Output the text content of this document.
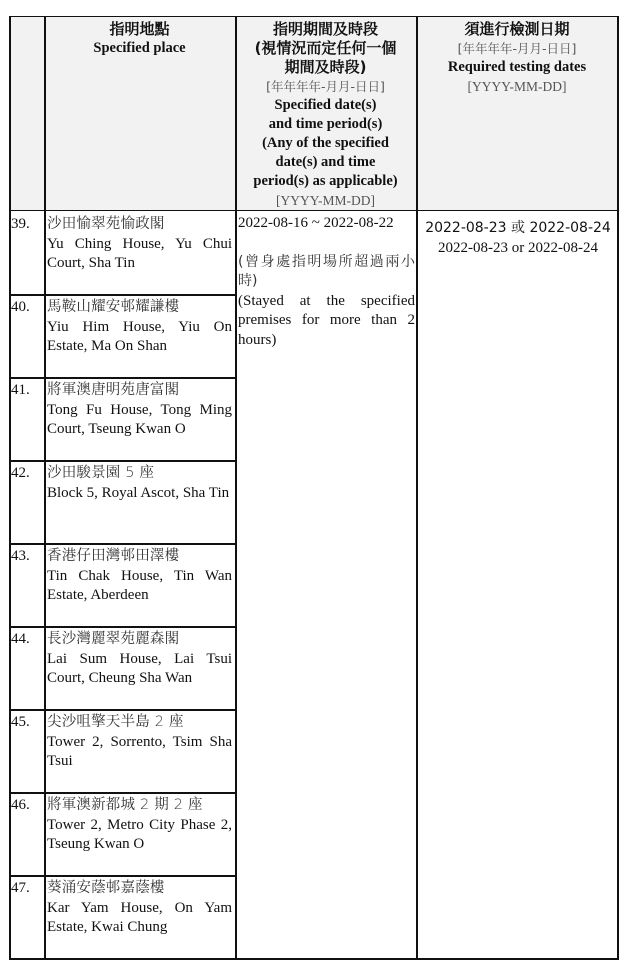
指明地點
Specified place
指明期間及時段
(視情況而定任何一個
期間及時段)
[年年年年-月月-日日]
Specified date(s)
and time period(s)
(Any of the specified
date(s) and time
period(s) as applicable)
[YYYY-MM-DD]
須進行檢測日期
[年年年年-月月-日日]
Required testing dates
[YYYY-MM-DD]
39. 沙田愉翠苑愉政閣
Yu Ching House, Yu Chui Court, Sha Tin
40. 馬鞍山耀安邨耀謙樓
Yiu Him House, Yiu On Estate, Ma On Shan
41. 將軍澳唐明苑唐富閣
Tong Fu House, Tong Ming Court, Tseung Kwan O
42. 沙田駿景園 5 座
Block 5, Royal Ascot, Sha Tin
43. 香港仔田灣邨田澤樓
Tin Chak House, Tin Wan Estate, Aberdeen
44. 長沙灣麗翠苑麗森閣
Lai Sum House, Lai Tsui Court, Cheung Sha Wan
45. 尖沙咀擎天半島 2 座
Tower 2, Sorrento, Tsim Sha Tsui
46. 將軍澳新都城 2 期 2 座
Tower 2, Metro City Phase 2, Tseung Kwan O
47. 葵涌安蔭邨嘉蔭樓
Kar Yam House, On Yam Estate, Kwai Chung
2022-08-16 ~ 2022-08-22
(曾身處指明場所超過兩小時)
(Stayed at the specified premises for more than 2 hours)
2022-08-23 或 2022-08-24
2022-08-23 or 2022-08-24
